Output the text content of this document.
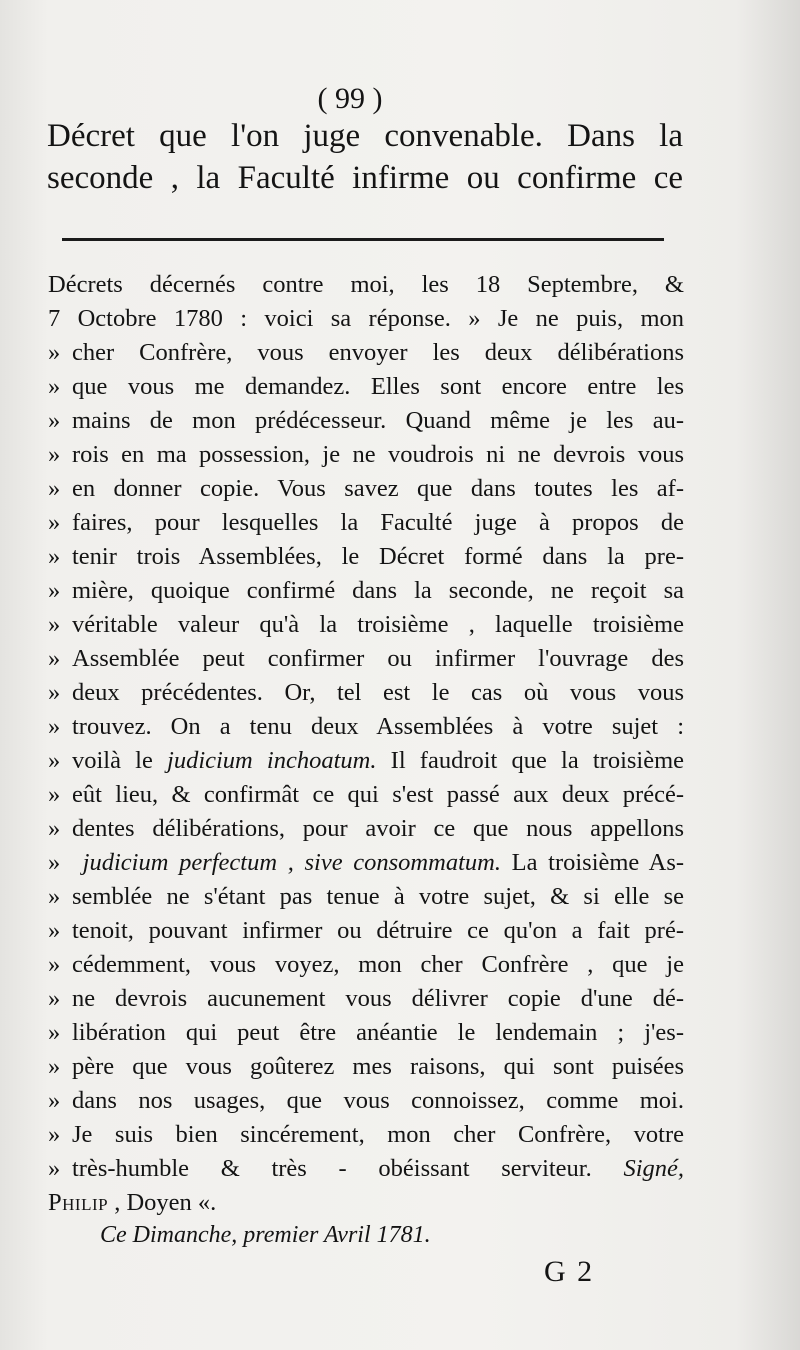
( 99 )
Décret que l'on juge convenable. Dans la
seconde , la Faculté infirme ou confirme ce
Décrets décernés contre moi, les 18 Septembre, &
7 Octobre 1780 : voici sa réponse. » Je ne puis, mon
» cher Confrère, vous envoyer les deux délibérations
» que vous me demandez. Elles sont encore entre les
» mains de mon prédécesseur. Quand même je les au-
» rois en ma possession, je ne voudrois ni ne devrois vous
» en donner copie. Vous savez que dans toutes les af-
» faires, pour lesquelles la Faculté juge à propos de
» tenir trois Assemblées, le Décret formé dans la pre-
» mière, quoique confirmé dans la seconde, ne reçoit sa
» véritable valeur qu'à la troisième , laquelle troisième
» Assemblée peut confirmer ou infirmer l'ouvrage des
» deux précédentes. Or, tel est le cas où vous vous
» trouvez. On a tenu deux Assemblées à votre sujet :
» voilà le judicium inchoatum. Il faudroit que la troisième
» eût lieu, & confirmât ce qui s'est passé aux deux précé-
» dentes délibérations, pour avoir ce que nous appellons
» judicium perfectum , sive consommatum. La troisième As-
» semblée ne s'étant pas tenue à votre sujet, & si elle se
» tenoit, pouvant infirmer ou détruire ce qu'on a fait pré-
» cédemment, vous voyez, mon cher Confrère , que je
» ne devrois aucunement vous délivrer copie d'une dé-
» libération qui peut être anéantie le lendemain ; j'es-
» père que vous goûterez mes raisons, qui sont puisées
» dans nos usages, que vous connoissez, comme moi.
» Je suis bien sincérement, mon cher Confrère, votre
» très-humble & très - obéissant serviteur. Signé,
Philip , Doyen «.
Ce Dimanche, premier Avril 1781.
G 2
